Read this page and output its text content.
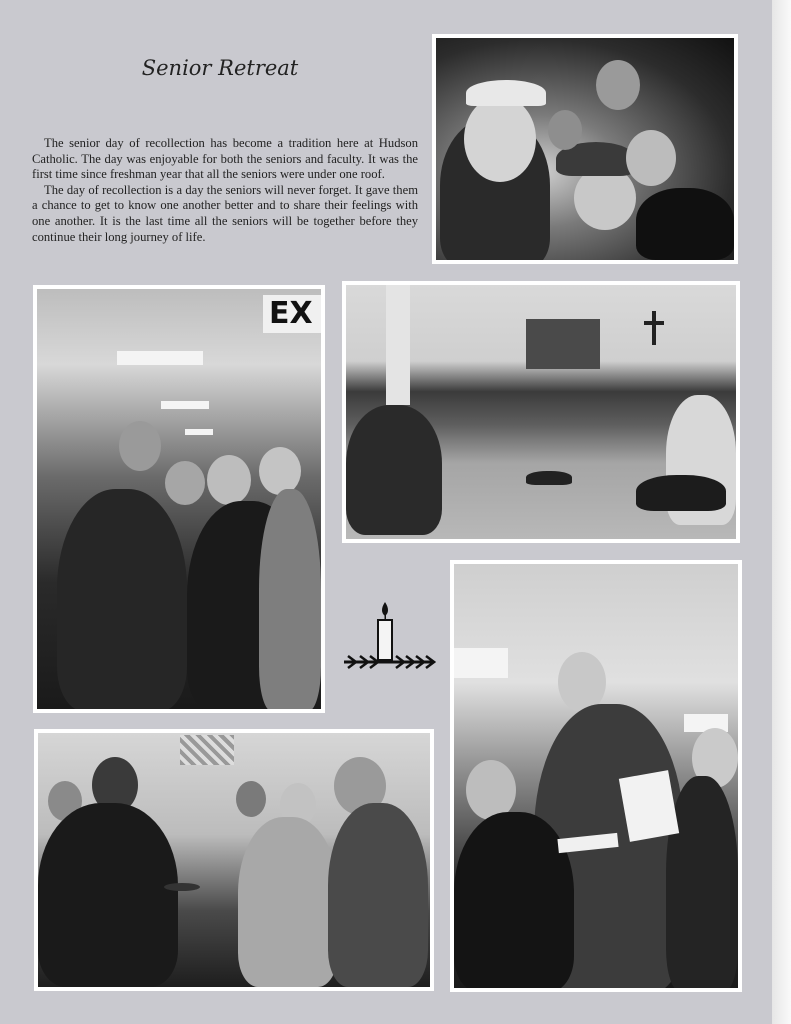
Senior Retreat

The senior day of recollection has become a tradition here at Hudson Catholic. The day was enjoyable for both the seniors and faculty. It was the first time since freshman year that all the seniors were under one roof.

The day of recollection is a day the seniors will never forget. It gave them a chance to get to know one another better and to share their feelings with one another. It is the last time all the seniors will be together before they continue their long journey of life.

EX
